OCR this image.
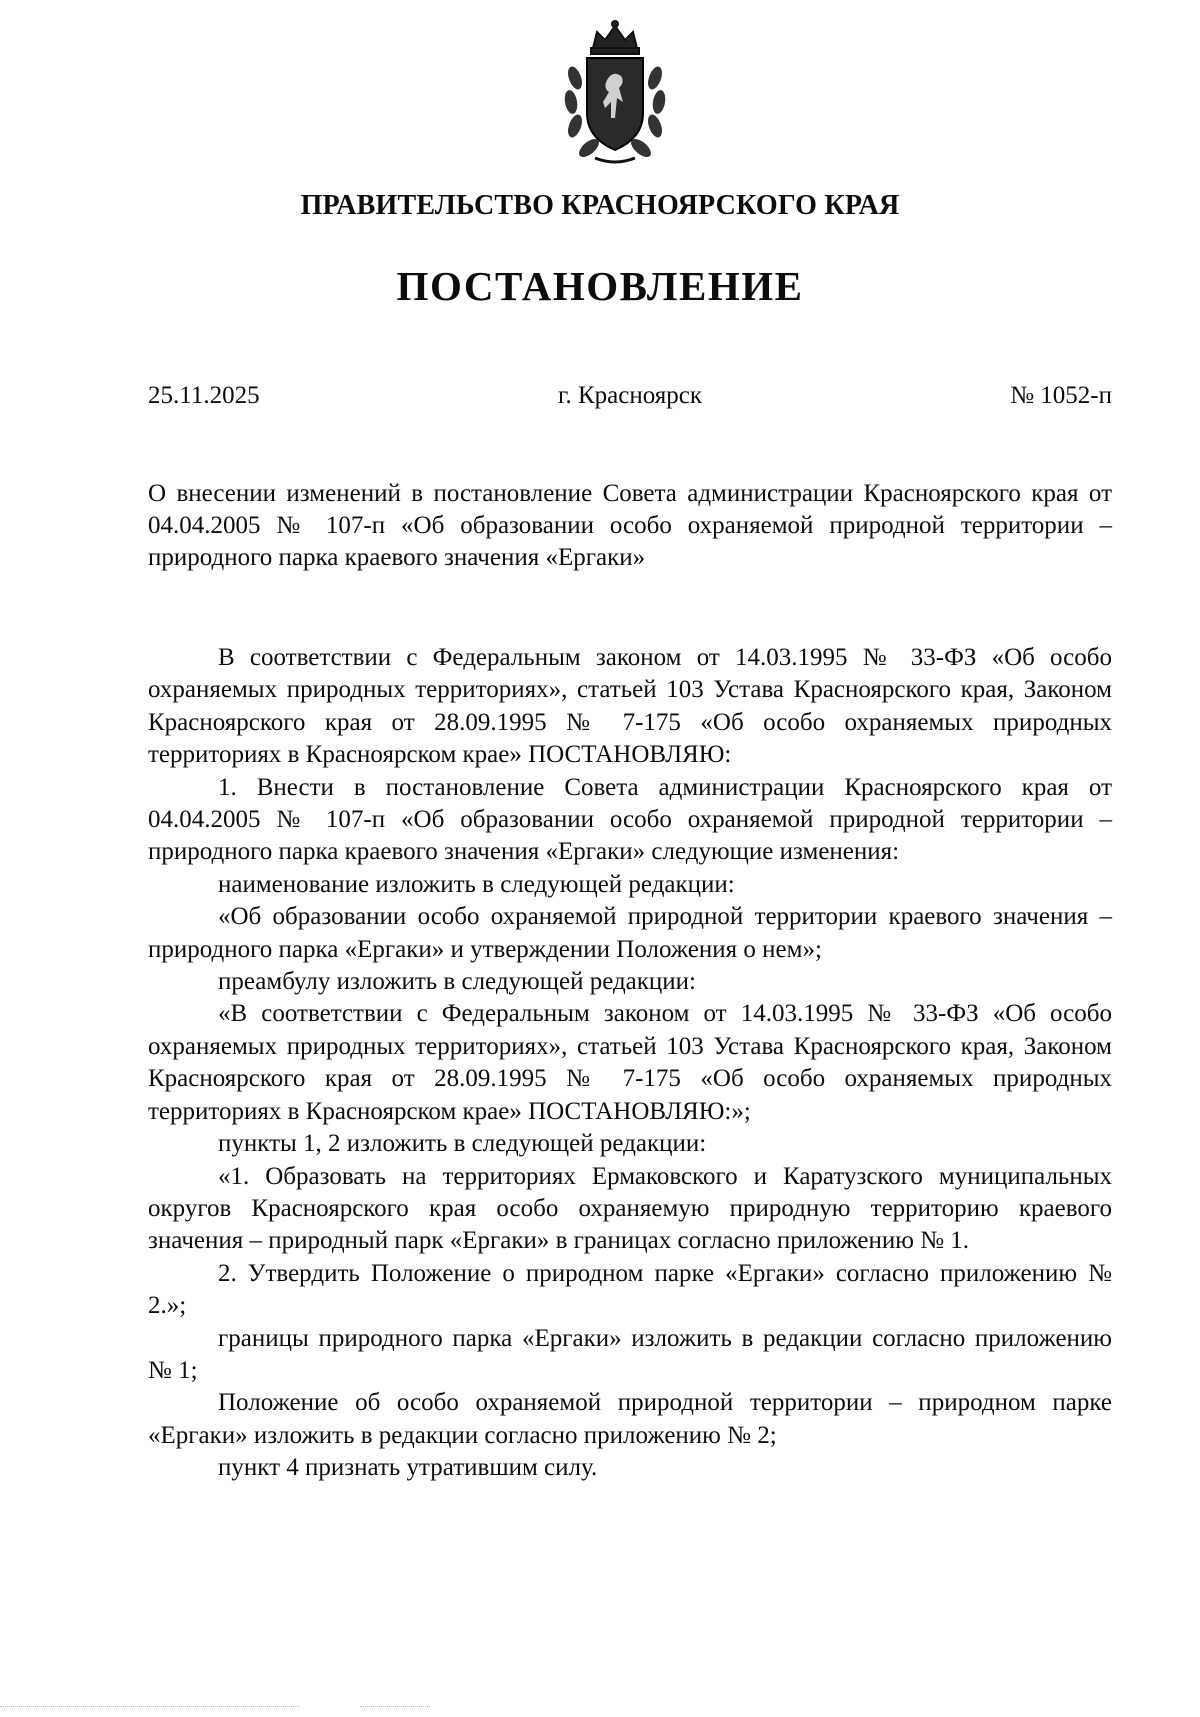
ПРАВИТЕЛЬСТВО КРАСНОЯРСКОГО КРАЯ
ПОСТАНОВЛЕНИЕ
25.11.2025	г. Красноярск	№ 1052-п
О внесении изменений в постановление Совета администрации Красноярского края от 04.04.2005 № 107-п «Об образовании особо охраняемой природной территории – природного парка краевого значения «Ергаки»

В соответствии с Федеральным законом от 14.03.1995 № 33-ФЗ «Об особо охраняемых природных территориях», статьей 103 Устава Красноярского края, Законом Красноярского края от 28.09.1995 № 7-175 «Об особо охраняемых природных территориях в Красноярском крае» ПОСТАНОВЛЯЮ:

1. Внести в постановление Совета администрации Красноярского края от 04.04.2005 № 107-п «Об образовании особо охраняемой природной территории – природного парка краевого значения «Ергаки» следующие изменения:

наименование изложить в следующей редакции:

«Об образовании особо охраняемой природной территории краевого значения – природного парка «Ергаки» и утверждении Положения о нем»;

преамбулу изложить в следующей редакции:

«В соответствии с Федеральным законом от 14.03.1995 № 33-ФЗ «Об особо охраняемых природных территориях», статьей 103 Устава Красноярского края, Законом Красноярского края от 28.09.1995 № 7-175 «Об особо охраняемых природных территориях в Красноярском крае» ПОСТАНОВЛЯЮ:»;

пункты 1, 2 изложить в следующей редакции:

«1. Образовать на территориях Ермаковского и Каратузского муниципальных округов Красноярского края особо охраняемую природную территорию краевого значения – природный парк «Ергаки» в границах согласно приложению № 1.

2. Утвердить Положение о природном парке «Ергаки» согласно приложению № 2.»;

границы природного парка «Ергаки» изложить в редакции согласно приложению № 1;

Положение об особо охраняемой природной территории – природном парке «Ергаки» изложить в редакции согласно приложению № 2;

пункт 4 признать утратившим силу.
